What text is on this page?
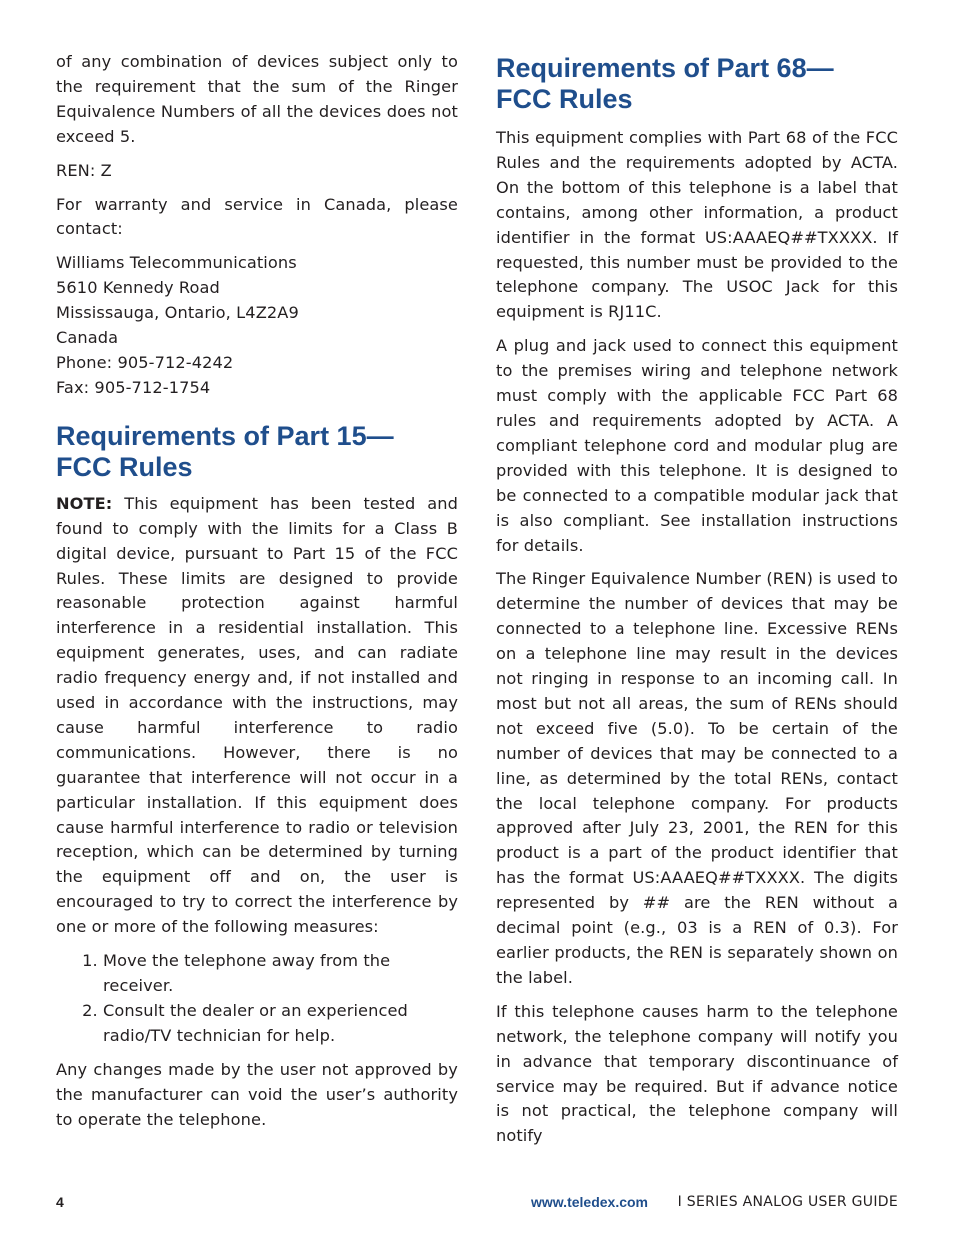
of any combination of devices subject only to the requirement that the sum of the Ringer Equivalence Numbers of all the devices does not exceed 5.

REN: Z

For warranty and service in Canada, please contact:

Williams Telecommunications
5610 Kennedy Road
Mississauga, Ontario, L4Z2A9
Canada
Phone: 905-712-4242
Fax: 905-712-1754

Requirements of Part 15—
FCC Rules

NOTE: This equipment has been tested and found to comply with the limits for a Class B digital device, pursuant to Part 15 of the FCC Rules. These limits are designed to provide reasonable protection against harmful interference in a residential installation. This equipment generates, uses, and can radiate radio frequency energy and, if not installed and used in accordance with the instructions, may cause harmful interference to radio communications. However, there is no guarantee that interference will not occur in a particular installation. If this equipment does cause harmful interference to radio or television reception, which can be determined by turning the equipment off and on, the user is encouraged to try to correct the interference by one or more of the following measures:

1. Move the telephone away from the receiver.
2. Consult the dealer or an experienced radio/TV technician for help.

Any changes made by the user not approved by the manufacturer can void the user’s authority to operate the telephone.

Requirements of Part 68—
FCC Rules

This equipment complies with Part 68 of the FCC Rules and the requirements adopted by ACTA. On the bottom of this telephone is a label that contains, among other information, a product identifier in the format US:AAAEQ##TXXXX. If requested, this number must be provided to the telephone company. The USOC Jack for this equipment is RJ11C.

A plug and jack used to connect this equipment to the premises wiring and telephone network must comply with the applicable FCC Part 68 rules and requirements adopted by ACTA. A compliant telephone cord and modular plug are provided with this telephone. It is designed to be connected to a compatible modular jack that is also compliant. See installation instructions for details.

The Ringer Equivalence Number (REN) is used to determine the number of devices that may be connected to a telephone line. Excessive RENs on a telephone line may result in the devices not ringing in response to an incoming call. In most but not all areas, the sum of RENs should not exceed five (5.0). To be certain of the number of devices that may be connected to a line, as determined by the total RENs, contact the local telephone company. For products approved after July 23, 2001, the REN for this product is a part of the product identifier that has the format US:AAAEQ##TXXXX. The digits represented by ## are the REN without a decimal point (e.g., 03 is a REN of 0.3). For earlier products, the REN is separately shown on the label.

If this telephone causes harm to the telephone network, the telephone company will notify you in advance that temporary discontinuance of service may be required. But if advance notice is not practical, the telephone company will notify

4	www.teledex.com I SERIES ANALOG USER GUIDE
